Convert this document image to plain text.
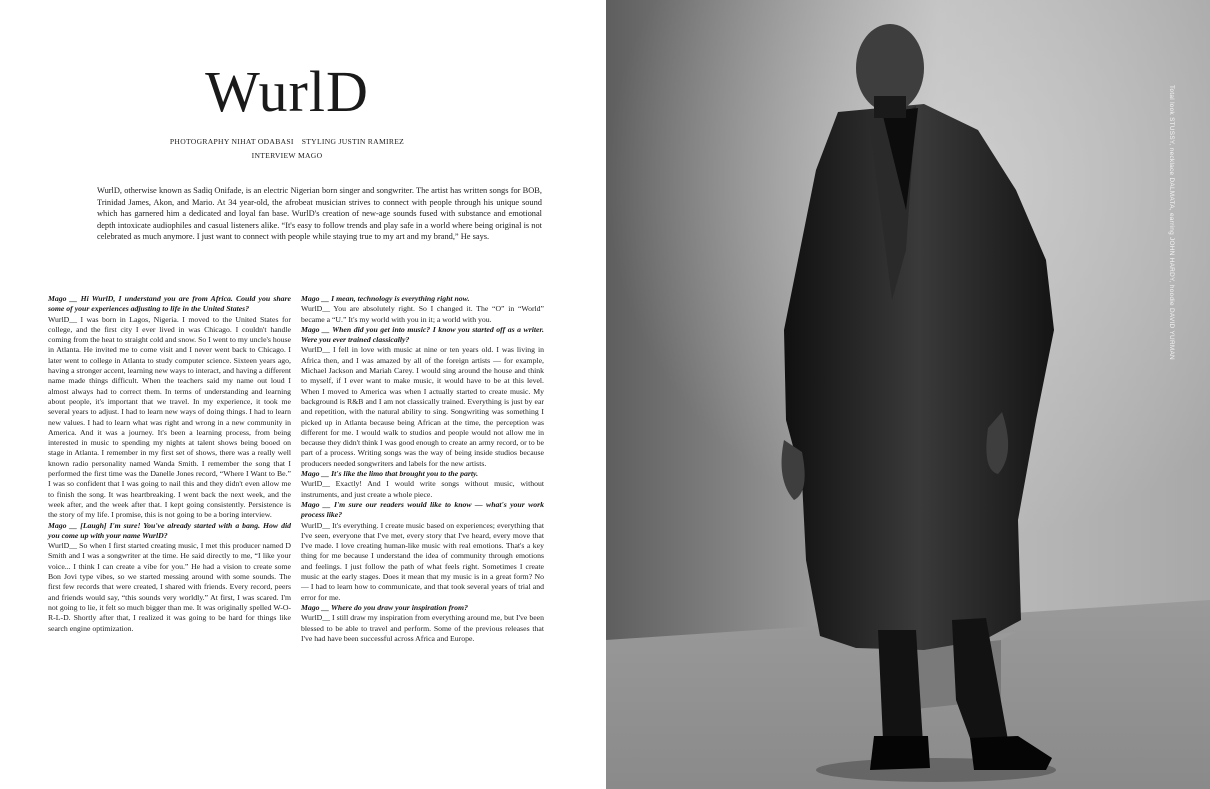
WurlD
PHOTOGRAPHY NIHAT ODABASI STYLING JUSTIN RAMIREZ
INTERVIEW MAGO

WurlD, otherwise known as Sadiq Onifade, is an electric Nigerian born singer and songwriter. The artist has written songs for BOB, Trinidad James, Akon, and Mario. At 34 year-old, the afrobeat musician strives to connect with people through his unique sound which has garnered him a dedicated and loyal fan base. WurlD's creation of new-age sounds fused with substance and emotional depth intoxicate audiophiles and casual listeners alike. “It's easy to follow trends and play safe in a world where being original is not celebrated as much anymore. I just want to connect with people while staying true to my art and my brand,” He says.

Mago __ Hi WurlD, I understand you are from Africa. Could you share some of your experiences adjusting to life in the United States?

WurlD__ I was born in Lagos, Nigeria. I moved to the United States for college, and the first city I ever lived in was Chicago. I couldn't handle coming from the heat to straight cold and snow. So I went to my uncle's house in Atlanta. He invited me to come visit and I never went back to Chicago. I later went to college in Atlanta to study computer science. Sixteen years ago, having a stronger accent, learning new ways to interact, and having a different name made things difficult. When the teachers said my name out loud I almost always had to correct them. In terms of understanding and learning about people, it's important that we travel. In my experience, it took me several years to adjust. I had to learn new ways of doing things. I had to learn new values. I had to learn what was right and wrong in a new community in America. And it was a journey. It's been a learning process, from being interested in music to spending my nights at talent shows being booed on stage in Atlanta. I remember in my first set of shows, there was a really well known radio personality named Wanda Smith. I remember the song that I performed the first time was the Danelle Jones record, “Where I Want to Be.” I was so confident that I was going to nail this and they didn't even allow me to finish the song. It was heartbreaking. I went back the next week, and the week after, and the week after that. I kept going consistently. Persistence is the story of my life. I promise, this is not going to be a boring interview.

Mago __ [Laugh] I'm sure! You've already started with a bang. How did you come up with your name WurlD?

WurlD__ So when I first started creating music, I met this producer named D Smith and I was a songwriter at the time. He said directly to me, “I like your voice... I think I can create a vibe for you.” He had a vision to create some Bon Jovi type vibes, so we started messing around with some sounds. The first few records that were created, I shared with friends. Every record, peers and friends would say, “this sounds very worldly.” At first, I was scared. I'm not going to lie, it felt so much bigger than me. It was originally spelled W-O-R-L-D. Shortly after that, I realized it was going to be hard for things like search engine optimization.

Mago __ I mean, technology is everything right now.

WurlD__ You are absolutely right. So I changed it. The “O” in “World” became a “U.” It's my world with you in it; a world with you.

Mago __ When did you get into music? I know you started off as a writer. Were you ever trained classically?

WurlD__ I fell in love with music at nine or ten years old. I was living in Africa then, and I was amazed by all of the foreign artists — for example, Michael Jackson and Mariah Carey. I would sing around the house and think to myself, if I ever want to make music, it would have to be at this level. When I moved to America was when I actually started to create music. My background is R&B and I am not classically trained. Everything is just by ear and repetition, with the natural ability to sing. Songwriting was something I picked up in Atlanta because being African at the time, the perception was different for me. I would walk to studios and people would not allow me in because they didn't think I was good enough to create an army record, or to be part of a process. Writing songs was the way of being inside studios because producers needed songwriters and labels for the new artists.

Mago __ It's like the limo that brought you to the party.

WurlD__ Exactly! And I would write songs without music, without instruments, and just create a whole piece.

Mago __ I'm sure our readers would like to know — what's your work process like?

WurlD__ It's everything. I create music based on experiences; everything that I've seen, everyone that I've met, every story that I've heard, every move that I've made. I love creating human-like music with real emotions. That's a key thing for me because I understand the idea of community through emotions and feelings. I just follow the path of what feels right. Sometimes I create music at the early stages. Does it mean that my music is in a great form? No — I had to learn how to communicate, and that took several years of trial and error for me.

Mago __ Where do you draw your inspiration from?

WurlD__ I still draw my inspiration from everything around me, but I've been blessed to be able to travel and perform. Some of the previous releases that I've had have been successful across Africa and Europe.

Total look STUSSY, necklace DALMATA, earring JOHN HARDY, hoodie DAVID YURMAN
